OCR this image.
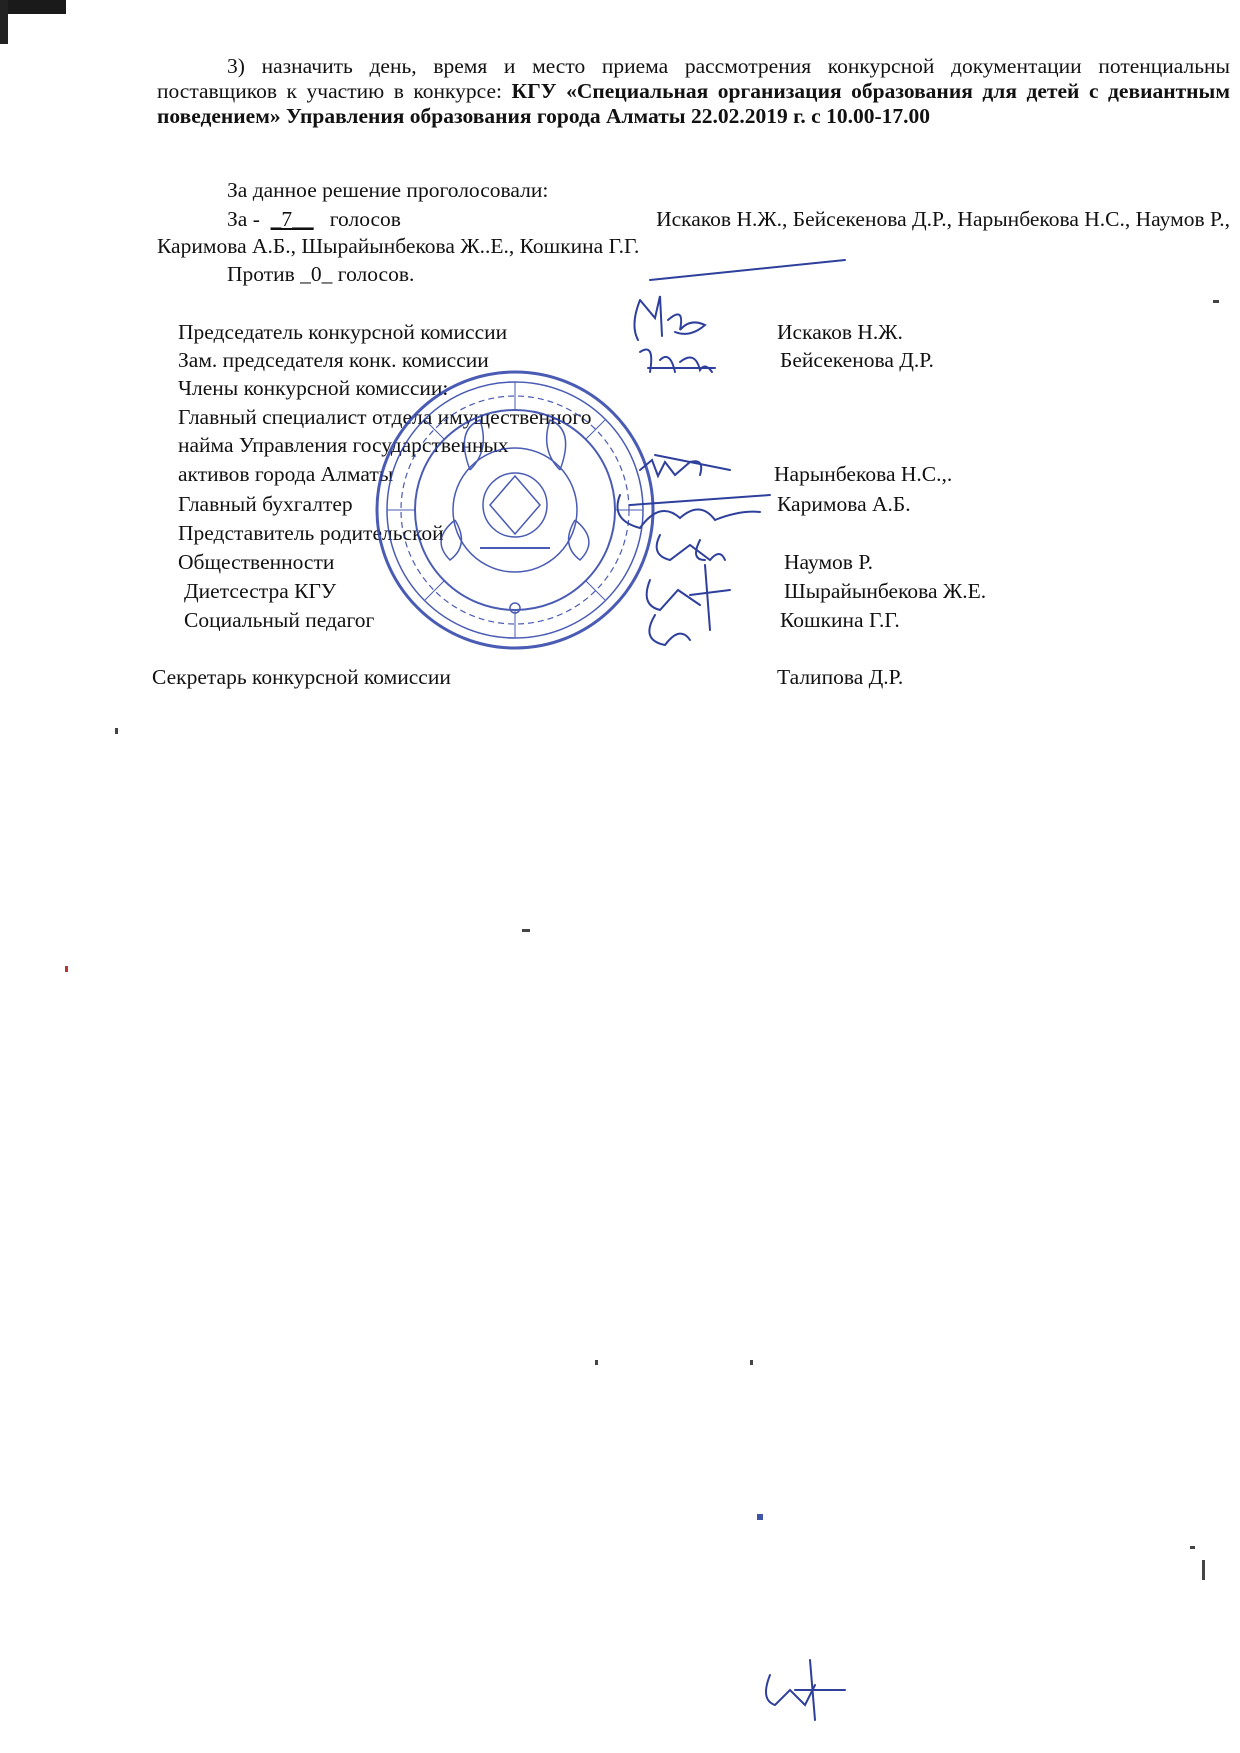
3) назначить день, время и место приема рассмотрения конкурсной документации потенциальны поставщиков к участию в конкурсе: КГУ «Специальная организация образования для детей с девиантным поведением» Управления образования города Алматы 22.02.2019 г. с 10.00-17.00
За данное решение проголосовали:
За - _7__ голосов	Искаков Н.Ж., Бейсекенова Д.Р., Нарынбекова Н.С., Наумов Р.,
Каримова А.Б., Шырайынбекова Ж..Е., Кошкина Г.Г.
Против _0_ голосов.
Председатель конкурсной комиссии	Искаков Н.Ж.
Зам. председателя конк. комиссии	Бейсекенова Д.Р.
Члены конкурсной комиссии:
Главный специалист отдела имущественного
найма Управления государственных
активов города Алматы	Нарынбекова Н.С.,.
Главный бухгалтер	Каримова А.Б.
Представитель родительской
Общественности	Наумов Р.
Диетсестра КГУ	Шырайынбекова Ж.Е.
Социальный педагог	Кошкина Г.Г.
Секретарь конкурсной комиссии	Талипова Д.Р.
